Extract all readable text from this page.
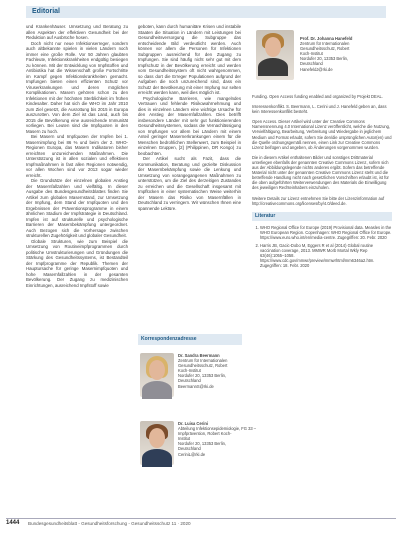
Editorial

und Krankenhäuser. Umsetzung und Beratung zu allen Aspekten der effektiven Gesundheit bei der Reduktion auf Ausbrüche hosen.

Doch nicht nur neue Infektionserreger, sondern auch altbekannte spielen in vielen Ländern noch immer eine große Rolle. Vor 50 Jahren glaubten Fachleute, Infektionskrankheiten endgültig besiegen zu können. Mit der Entwicklung von Impfstoffen und Antibiotika hat die Wissenschaft große Fortschritte im Kampf gegen Infektionskrankheiten gemacht. Impfungen bieten einen effizienten Schutz vor Viruserkrankungen und deren möglichen Komplikationen. Masern gehören schon zu den Infektionen mit der höchsten Sterblichkeit im frühen Kindesalter. Daher hat sich die WHO im Jahr 2010 zum Ziel gesetzt, die Ausrottung bis 2015 in Europa auszurotten. Von dem Ziel ist das Land, auch bis 2015 die Bevölkerung eine ausreichende Immunität vorliegen. Bei Leuten sind die Impfquoten in den Masern zu hoch.

Bei Masern und Impfquoten der Impfen bei 1. Masernimpfung bei 86 % und beim der 2. WHO-Regionen Europa, das Masern Indikatoren bisher erreichten unzureichenden Maßnahmen. Die Unterstützung ist in allen sozialen und effektiven Impfmaßnahmen in fast allen Regionen notwendig, vor allen Wochen sind vor 2013 sogar wieder erreicht.

Die Grundsätze der einzelnen globalen Anstieg der Masernfallzahlen und vielfältig. In dieser Ausgabe des Bundesgesundheitsblattes finden Sie Artikel zum globalen Masernstand, zur Umsetzung der Impfung, dem Stand der Impfquoten und den Ergebnissen der Präventionsprogramme in einem ähnlichen Stadium der Impfstrategie in Deutschland. Impfen ist auf strukturelle und psychologische Barrieren der Masernbekämpfung untergeordnet. Auch Bezogen sich die Vorhersage zwischen strukturellen Zugehörigkeit und globaler Gesundheit.

Globale Strukturen, wie zum Beispiel die Umsetzung von Routineimpfprogrammen durch politische Umstrukturierungen und Gründungen die Stärkung des Gesundheitssystems, ist Bestandteil der Impfprogramme der Republik. Themen der Hauptursache für geringe Masernimpfquoten und hohe Masernfallzahlen in der gesamten Bevölkerung. Der Zugang zu medizinischen Einrichtungen, ausreichend Impfstoff sowie

geboten, kann durch humanitäre Krisen und instabile Staaten die Situation in Ländern mit Leistungen bei Gesundheitsversorgung die Subgruppe das entscheidende Bild verdeutlicht werden. Auch können vor allem die Personen für Infektionen Subgruppen ausreichend für den Zugang zu Impfungen. Sie sind häufig nicht sehr gut mit dem Impfschutz in der Bevölkerung erreicht und werden vom Gesundheitssystem oft nicht wahrgenommen, so dass dort die Erreger Populationen aufgrund der Aufgaben die noch unzureichend sind, dass ein Schutz der Bevölkerung mit einer Impfung nur selten erreicht werden kann, weil dies möglich ist.

Psychologische Barrieren, wie mangelndes Vertrauen und fehlende Risikowahrnehmung und dies in einzelnen Ländern eine wichtige Ursache für den Anstieg der Masernfallzahlen. Dies betrifft insbesondere Länder mit sehr gut funktionierenden Gesundheitssystemen, sodass die Vernachlässigung von Impfungen vor allem bei Ländern mit einem Anteil geringer Masernerkrankungen einem für die Menschen bedrohlichen Stellenwert, zum Beispiel in einzelnen Gruppen, [2] (Philippinen, DR Kongo) zu beobachten.

Der Artikel sucht als Fazit, dass die Kommunikation, Beratung und gezielte Diskussion der Masernbekämpfung sowie die Lenkung und Umsetzung von vorangegangenen Maßnahmen zu unterstützen, um die Ziel des derzeitigen Zustandes zu erreichen und die Gesellschaft insgesamt mit Impflücken in einer systematischen Weise weiterhin der Masern das Risiko von Masernfällen in Deutschland zu verringern. Wir wünschen Ihnen eine spannende Lektüre.

Korrespondenzadresse
Dr. Sandra Beermann
Zentrum für Internationalen
Gesundheitsschutz, Robert
Koch-Institut
Nordufer 20, 13353 Berlin,
Deutschland
BeermannS@rki.de
Dr. Luisa Cerini
Abteilung Infektionsepidemiologie, FG 33 –
Impfprävention, Robert Koch-
Institut
Nordufer 20, 13353 Berlin,
Deutschland
CeriniL@rki.de
Prof. Dr. Johanna Hanefeld
Zentrum für Internationalen
Gesundheitsschutz, Robert
Koch-Institut
Nordufer 20, 13353 Berlin,
Deutschland
HanefeldJ@rki.de
Funding. Open Access funding enabled and organized by Projekt DEAL.
Interessenkonflikt. S. Beermann, L. Cerini und J. Hanefeld geben an, dass kein Interessenkonflikt besteht.
Open Access. Dieser Artikel wird unter der Creative Commons Namensnennung 4.0 International Lizenz veröffentlicht, welche die Nutzung, Vervielfältigung, Bearbeitung, Verbreitung und Wiedergabe in jeglichem Medium und Format erlaubt, sofern Sie den/die ursprünglichen Autor(en) und die Quelle ordnungsgemäß nennen, einen Link zur Creative Commons Lizenz beifügen und angeben, ob Änderungen vorgenommen wurden.
Die in diesem Artikel enthaltenen Bilder und sonstiges Drittmaterial unterliegen ebenfalls der genannten Creative Commons Lizenz, sofern sich aus der Abbildungslegende nichts anderes ergibt. Sofern das betreffende Material nicht unter der genannten Creative Commons Lizenz steht und die betreffende Handlung nicht nach gesetzlichen Vorschriften erlaubt ist, ist für die oben aufgeführten Weiterverwendungen des Materials die Einwilligung des jeweiligen Rechteinhabers einzuholen.
Weitere Details zur Lizenz entnehmen Sie bitte der Lizenzinformation auf http://creativecommons.org/licenses/by/4.0/deed.de.
Literatur
1. WHO Regional Office for Europe (2019) Provisional data. Measles in the WHO European Region. Copenhagen: WHO Regional Office for Europe. https://www.euro.who.int/en/media-centre. Zugegriffen: 20. Febr. 2020
2. Harris JB, Gacic-Dobo M, Eggers R et al (2014) Global routine vaccination coverage, 2013. MMWR Morb Mortal Wkly Rep 63(46):1055–1058. https://www.cdc.gov/mmwr/preview/mmwrhtml/mm6346a2.htm. Zugegriffen: 18. Febr. 2020
1444 Bundesgesundheitsblatt - Gesundheitsforschung - Gesundheitsschutz 11 · 2020
